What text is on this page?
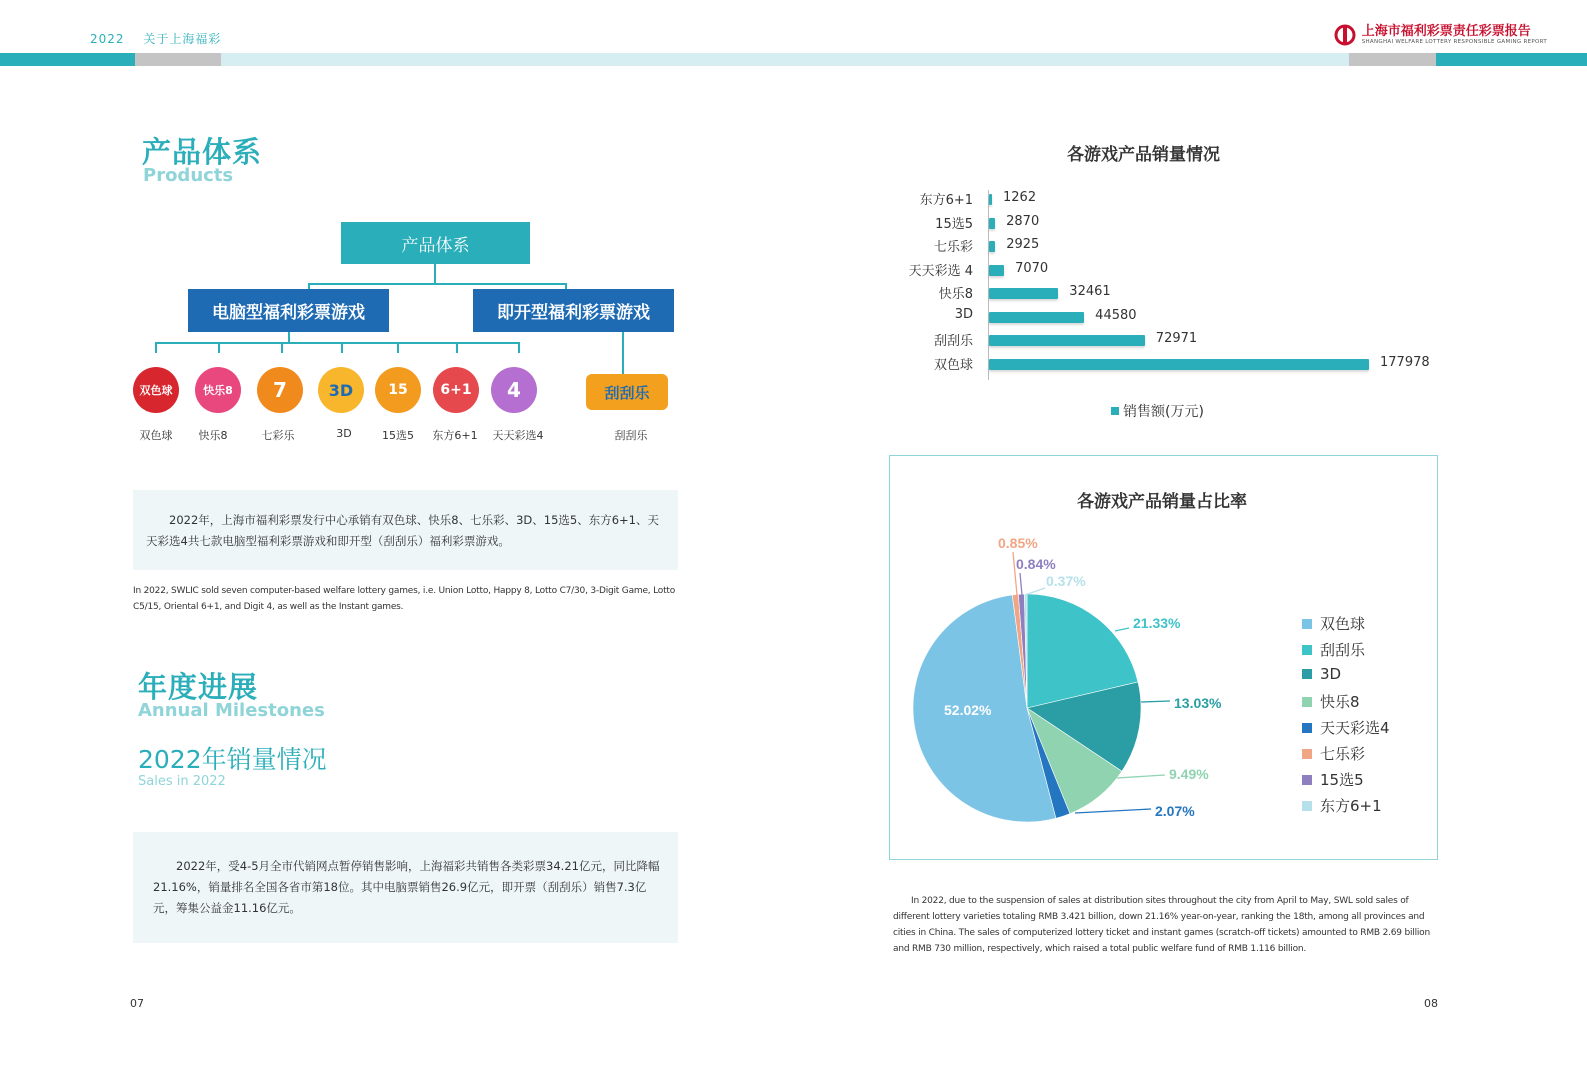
2022 关于上海福彩
上海市福利彩票责任彩票报告
SHANGHAI WELFARE LOTTERY RESPONSIBLE GAMING REPORT
产品体系
Products
产品体系
电脑型福利彩票游戏	即开型福利彩票游戏
双色球	快乐8	7	3D	15	6+1	4	刮刮乐
双色球	快乐8	七彩乐	3D	15选5	东方6+1	天天彩选4	刮刮乐
2022年，上海市福利彩票发行中心承销有双色球、快乐8、七乐彩、3D、15选5、东方6+1、天天彩选4共七款电脑型福利彩票游戏和即开型（刮刮乐）福利彩票游戏。
In 2022, SWLIC sold seven computer-based welfare lottery games, i.e. Union Lotto, Happy 8, Lotto C7/30, 3-Digit Game, Lotto C5/15, Oriental 6+1, and Digit 4, as well as the Instant games.
年度进展
Annual Milestones
2022年销量情况
Sales in 2022
2022年，受4-5月全市代销网点暂停销售影响，上海福彩共销售各类彩票34.21亿元，同比降幅21.16%，销量排名全国各省市第18位。其中电脑票销售26.9亿元，即开票（刮刮乐）销售7.3亿元，筹集公益金11.16亿元。
07
各游戏产品销量情况
东方6+1 1262
15选5	2870
七乐彩	2925
天天彩选 4	7070
快乐8	32461
3D	44580
刮刮乐	72971
双色球	177978
销售额(万元)
各游戏产品销量占比率
52.02%
21.33%
13.03%
9.49%
2.07%
0.85%
0.84%
0.37%
双色球
刮刮乐
3D
快乐8
天天彩选4
七乐彩
15选5
东方6+1
In 2022, due to the suspension of sales at distribution sites throughout the city from April to May, SWL sold sales of different lottery varieties totaling RMB 3.421 billion, down 21.16% year-on-year, ranking the 18th, among all provinces and cities in China. The sales of computerized lottery ticket and instant games (scratch-off tickets) amounted to RMB 2.69 billion and RMB 730 million, respectively, which raised a total public welfare fund of RMB 1.116 billion.
08
